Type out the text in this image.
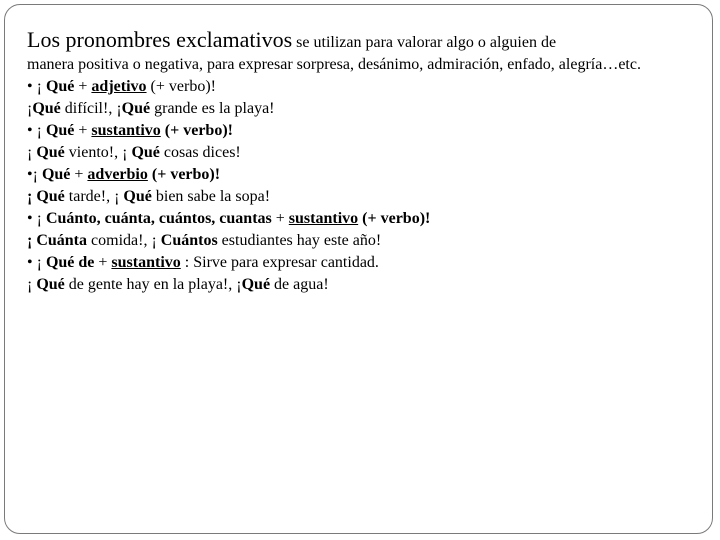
Los pronombres exclamativos se utilizan para valorar algo o alguien de
manera positiva o negativa, para expresar sorpresa, desánimo, admiración, enfado, alegría…etc.
• ¡ Qué + adjetivo (+ verbo)!
¡Qué difícil!, ¡Qué grande es la playa!
• ¡ Qué + sustantivo (+ verbo)!
¡ Qué viento!, ¡ Qué cosas dices!
•¡ Qué + adverbio (+ verbo)!
¡ Qué tarde!, ¡ Qué bien sabe la sopa!
• ¡ Cuánto, cuánta, cuántos, cuantas + sustantivo (+ verbo)!
¡ Cuánta comida!, ¡ Cuántos estudiantes hay este año!
• ¡ Qué de + sustantivo : Sirve para expresar cantidad.
¡ Qué de gente hay en la playa!, ¡Qué de agua!
